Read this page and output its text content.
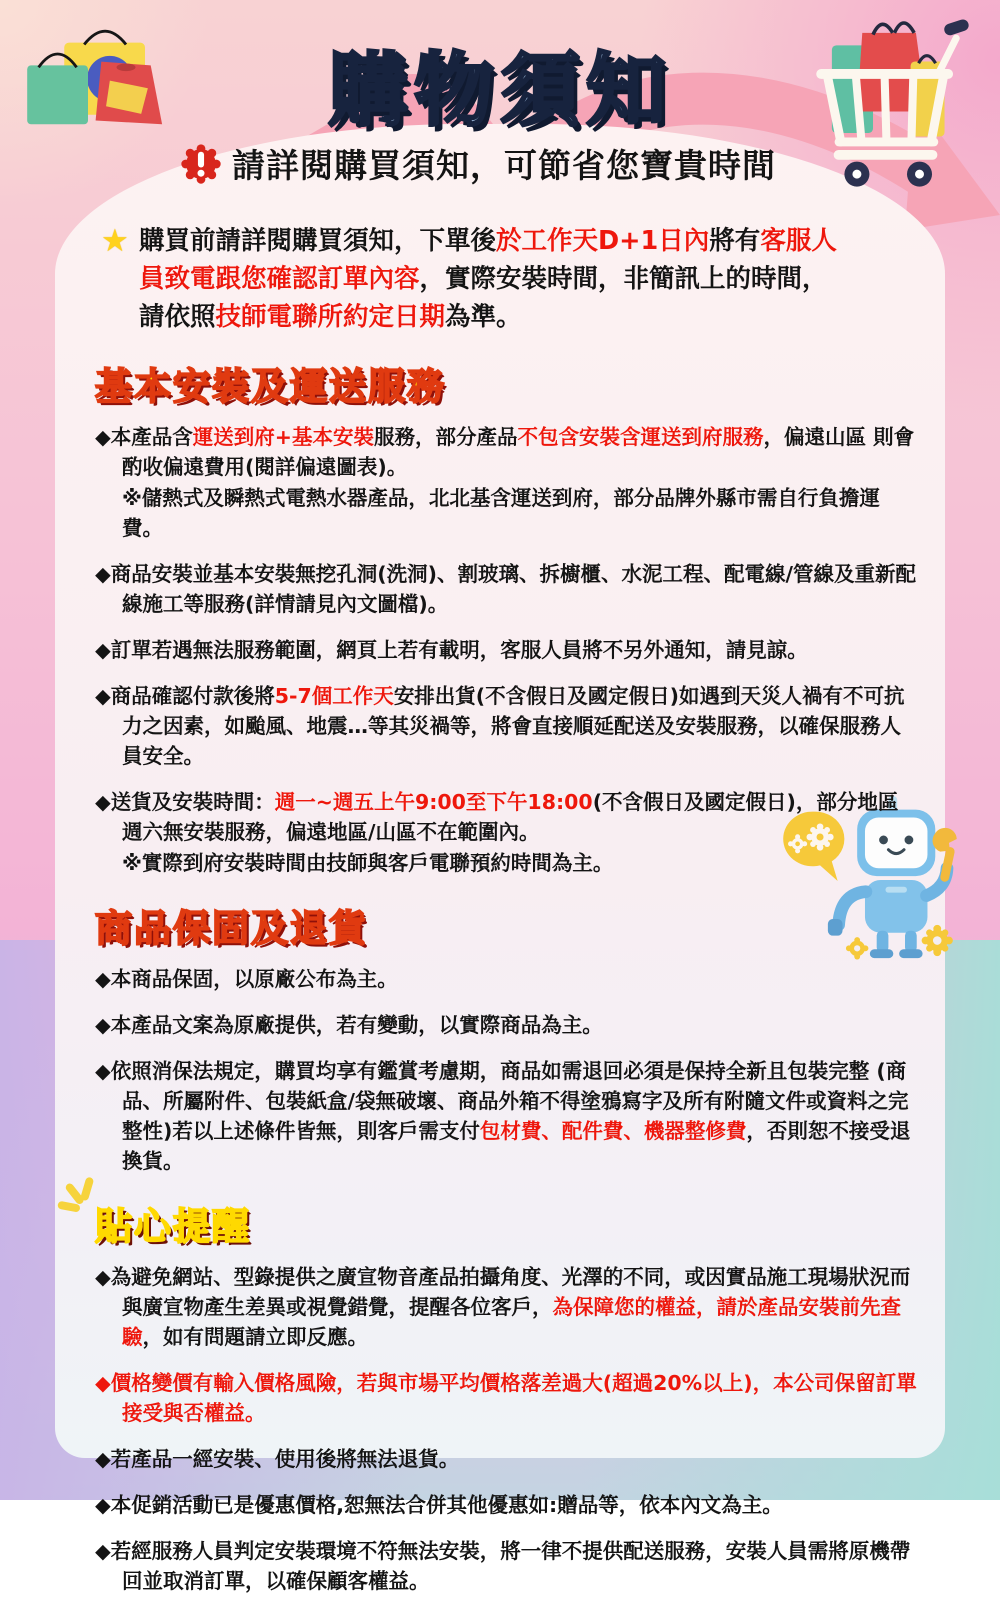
購物須知
請詳閱購買須知，可節省您寶貴時間
★ 購買前請詳閱購買須知，下單後於工作天D+1日內將有客服人員致電跟您確認訂單內容，實際安裝時間，非簡訊上的時間，請依照技師電聯所約定日期為準。
基本安裝及運送服務
◆本產品含運送到府+基本安裝服務，部分產品不包含安裝含運送到府服務，偏遠山區 則會酌收偏遠費用(閱詳偏遠圖表)。
※儲熱式及瞬熱式電熱水器產品，北北基含運送到府，部分品牌外縣市需自行負擔運費。
◆商品安裝並基本安裝無挖孔洞(洗洞)、割玻璃、拆櫥櫃、水泥工程、配電線/管線及重新配線施工等服務(詳情請見內文圖檔)。
◆訂單若遇無法服務範圍，網頁上若有載明，客服人員將不另外通知，請見諒。
◆商品確認付款後將5-7個工作天安排出貨(不含假日及國定假日)如遇到天災人禍有不可抗力之因素，如颱風、地震…等其災禍等，將會直接順延配送及安裝服務，以確保服務人員安全。
◆送貨及安裝時間：週一~週五上午9:00至下午18:00(不含假日及國定假日)，部分地區週六無安裝服務，偏遠地區/山區不在範圍內。
※實際到府安裝時間由技師與客戶電聯預約時間為主。
商品保固及退貨
◆本商品保固，以原廠公布為主。
◆本產品文案為原廠提供，若有變動，以實際商品為主。
◆依照消保法規定，購買均享有鑑賞考慮期，商品如需退回必須是保持全新且包裝完整 (商品、所屬附件、包裝紙盒/袋無破壞、商品外箱不得塗鴉寫字及所有附隨文件或資料之完整性)若以上述條件皆無，則客戶需支付包材費、配件費、機器整修費，否則恕不接受退換貨。
貼心提醒
◆為避免網站、型錄提供之廣宣物音產品拍攝角度、光澤的不同，或因實品施工現場狀況而與廣宣物產生差異或視覺錯覺，提醒各位客戶，為保障您的權益，請於產品安裝前先查驗，如有問題請立即反應。
◆價格變價有輸入價格風險，若與市場平均價格落差過大(超過20%以上)，本公司保留訂單接受與否權益。
◆若產品一經安裝、使用後將無法退貨。
◆本促銷活動已是優惠價格,恕無法合併其他優惠如:贈品等，依本內文為主。
◆若經服務人員判定安裝環境不符無法安裝，將一律不提供配送服務，安裝人員需將原機帶回並取消訂單，以確保顧客權益。
